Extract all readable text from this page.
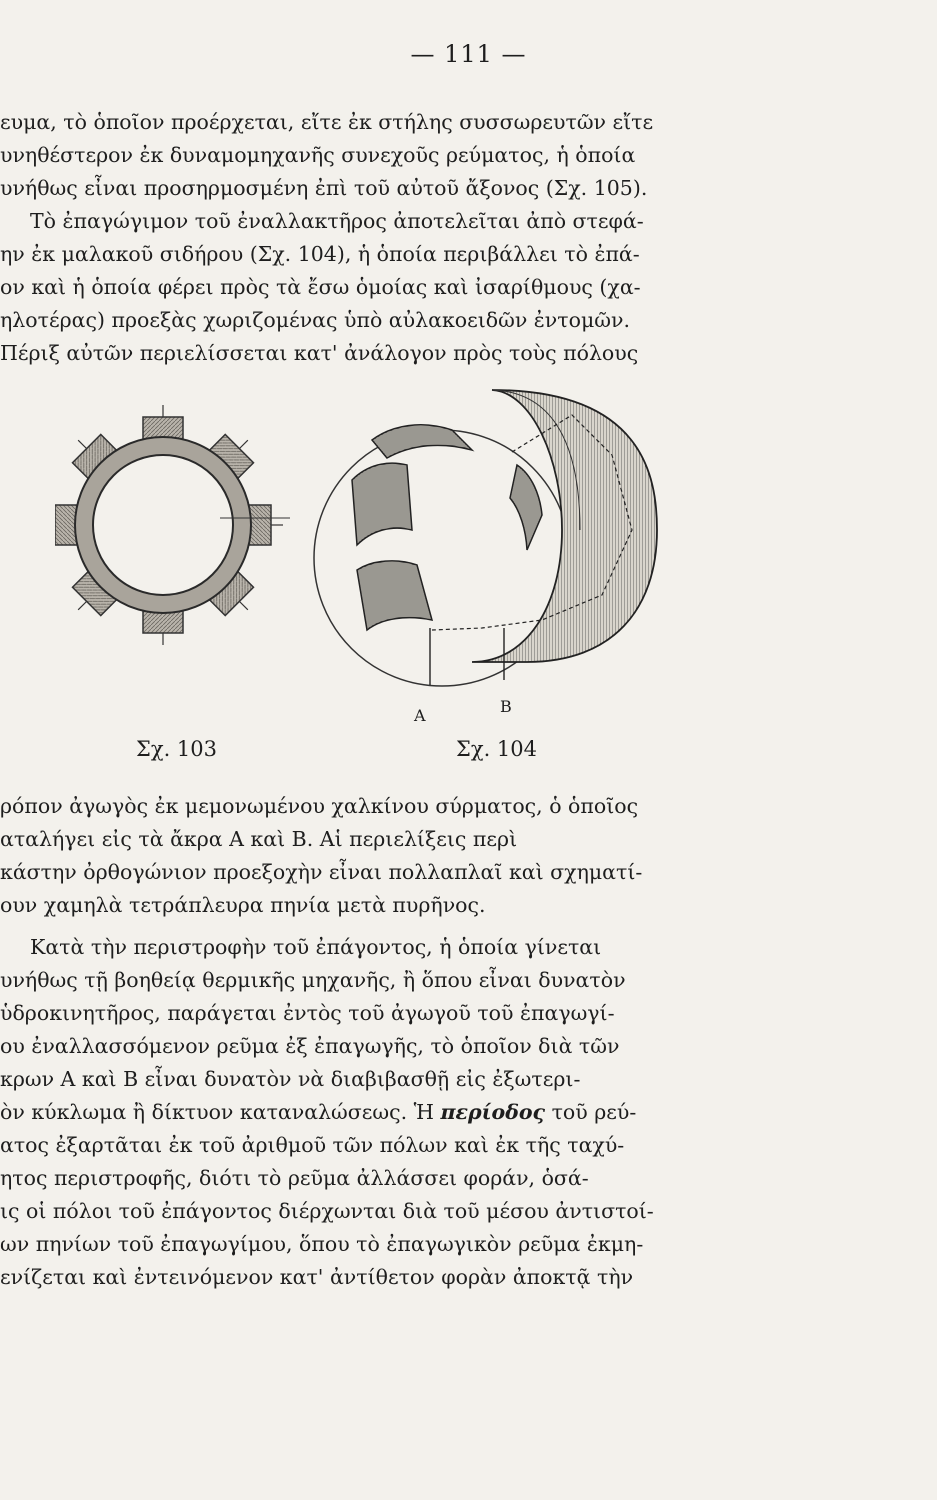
— 111 —
ευμα, τὸ ὁποῖον προέρχεται, εἴτε ἐκ στήλης συσσωρευτῶν εἴτε
υνηθέστερον ἐκ δυναμομηχανῆς συνεχοῦς ρεύματος, ἡ ὁποία
υνήθως εἶναι προσηρμοσμένη ἐπὶ τοῦ αὐτοῦ ἄξονος (Σχ. 105).
Τὸ ἐπαγώγιμον τοῦ ἐναλλακτῆρος ἀποτελεῖται ἀπὸ στεφά-
ην ἐκ μαλακοῦ σιδήρου (Σχ. 104), ἡ ὁποία περιβάλλει τὸ ἐπά-
ον καὶ ἡ ὁποία φέρει πρὸς τὰ ἔσω ὁμοίας καὶ ἰσαρίθμους (χα-
ηλοτέρας) προεξὰς χωριζομένας ὑπὸ αὐλακοειδῶν ἐντομῶν.
Πέριξ αὐτῶν περιελίσσεται κατ' ἀνάλογον πρὸς τοὺς πόλους
A	B
Σχ. 103	Σχ. 104
ρόπον ἀγωγὸς ἐκ μεμονωμένου χαλκίνου σύρματος, ὁ ὁποῖος
αταλήγει εἰς τὰ ἄκρα Α καὶ Β. Αἱ περιελίξεις περὶ
κάστην ὀρθογώνιον προεξοχὴν εἶναι πολλαπλαῖ καὶ σχηματί-
ουν χαμηλὰ τετράπλευρα πηνία μετὰ πυρῆνος.
Κατὰ τὴν περιστροφὴν τοῦ ἐπάγοντος, ἡ ὁποία γίνεται
υνήθως τῇ βοηθείᾳ θερμικῆς μηχανῆς, ἢ ὅπου εἶναι δυνατὸν
ὑδροκινητῆρος, παράγεται ἐντὸς τοῦ ἀγωγοῦ τοῦ ἐπαγωγί-
ου ἐναλλασσόμενον ρεῦμα ἐξ ἐπαγωγῆς, τὸ ὁποῖον διὰ τῶν
κρων Α καὶ Β εἶναι δυνατὸν νὰ διαβιβασθῇ εἰς ἐξωτερι-
ὸν κύκλωμα ἢ δίκτυον καταναλώσεως. Ἡ περίοδος τοῦ ρεύ-
ατος ἐξαρτᾶται ἐκ τοῦ ἀριθμοῦ τῶν πόλων καὶ ἐκ τῆς ταχύ-
ητος περιστροφῆς, διότι τὸ ρεῦμα ἀλλάσσει φοράν, ὁσά-
ις οἱ πόλοι τοῦ ἐπάγοντος διέρχωνται διὰ τοῦ μέσου ἀντιστοί-
ων πηνίων τοῦ ἐπαγωγίμου, ὅπου τὸ ἐπαγωγικὸν ρεῦμα ἐκμη-
ενίζεται καὶ ἐντεινόμενον κατ' ἀντίθετον φορὰν ἀποκτᾷ τὴν
